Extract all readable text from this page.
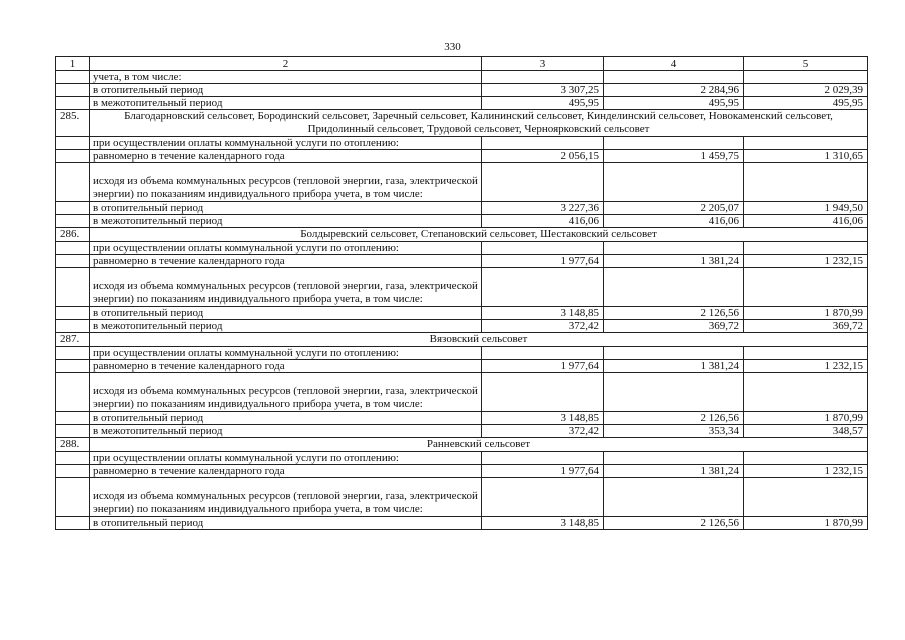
330
1	2	3	4	5
	учета, в том числе:			
	в отопительный период	3 307,25	2 284,96	2 029,39
	в межотопительный период	495,95	495,95	495,95
285.	Благодарновский сельсовет, Бородинский сельсовет, Заречный сельсовет, Калининский сельсовет, Кинделинский сельсовет, Новокаменский сельсовет, Придолинный сельсовет, Трудовой сельсовет, Черноярковский сельсовет			
	при осуществлении оплаты коммунальной услуги по отоплению:			
	равномерно в течение календарного года	2 056,15	1 459,75	1 310,65
	исходя из объема коммунальных ресурсов (тепловой энергии, газа, электрической энергии) по показаниям индивидуального прибора учета, в том числе:			
	в отопительный период	3 227,36	2 205,07	1 949,50
	в межотопительный период	416,06	416,06	416,06
286.	Болдыревский сельсовет, Степановский сельсовет, Шестаковский сельсовет			
	при осуществлении оплаты коммунальной услуги по отоплению:			
	равномерно в течение календарного года	1 977,64	1 381,24	1 232,15
	исходя из объема коммунальных ресурсов (тепловой энергии, газа, электрической энергии) по показаниям индивидуального прибора учета, в том числе:			
	в отопительный период	3 148,85	2 126,56	1 870,99
	в межотопительный период	372,42	369,72	369,72
287.	Вязовский сельсовет			
	при осуществлении оплаты коммунальной услуги по отоплению:			
	равномерно в течение календарного года	1 977,64	1 381,24	1 232,15
	исходя из объема коммунальных ресурсов (тепловой энергии, газа, электрической энергии) по показаниям индивидуального прибора учета, в том числе:			
	в отопительный период	3 148,85	2 126,56	1 870,99
	в межотопительный период	372,42	353,34	348,57
288.	Ранневский сельсовет			
	при осуществлении оплаты коммунальной услуги по отоплению:			
	равномерно в течение календарного года	1 977,64	1 381,24	1 232,15
	исходя из объема коммунальных ресурсов (тепловой энергии, газа, электрической энергии) по показаниям индивидуального прибора учета, в том числе:			
	в отопительный период	3 148,85	2 126,56	1 870,99
